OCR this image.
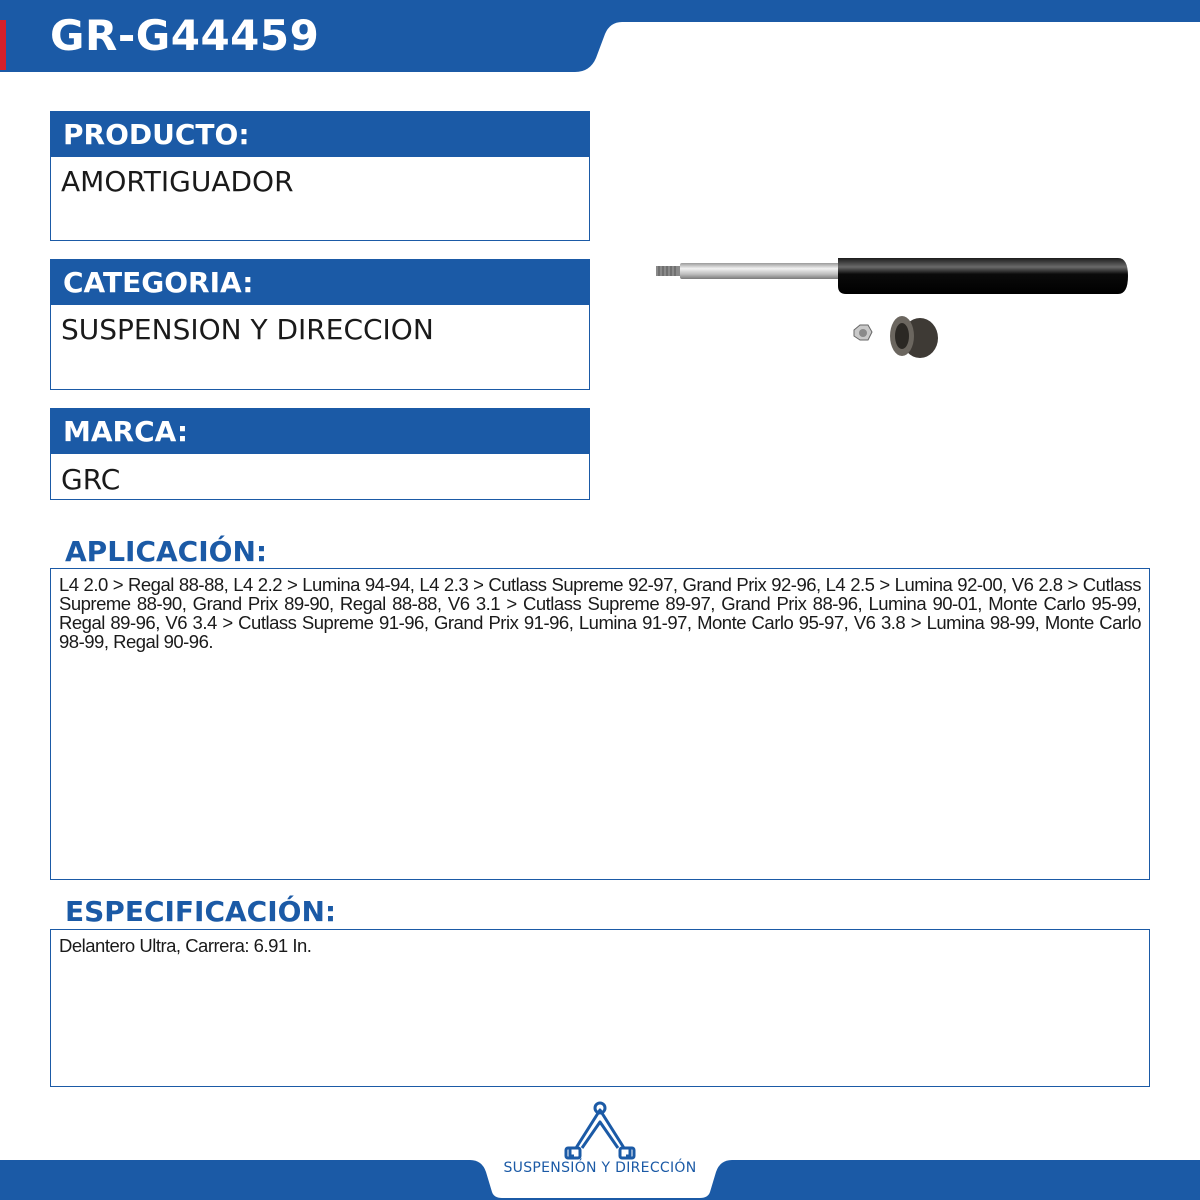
GR-G44459
PRODUCTO:
AMORTIGUADOR
CATEGORIA:
SUSPENSION Y DIRECCION
MARCA:
GRC
APLICACIÓN:
L4 2.0 > Regal 88-88, L4 2.2 > Lumina 94-94, L4 2.3 > Cutlass Supreme 92-97, Grand Prix 92-96, L4 2.5 > Lumina 92-00, V6 2.8 > Cutlass Supreme 88-90, Grand Prix 89-90, Regal 88-88, V6 3.1 > Cutlass Supreme 89-97, Grand Prix 88-96, Lumina 90-01, Monte Carlo 95-99, Regal 89-96, V6 3.4 > Cutlass Supreme 91-96, Grand Prix 91-96, Lumina 91-97, Monte Carlo 95-97, V6 3.8 > Lumina 98-99, Monte Carlo 98-99, Regal 90-96.
ESPECIFICACIÓN:
Delantero Ultra, Carrera: 6.91 In.
SUSPENSIÓN Y DIRECCIÓN
